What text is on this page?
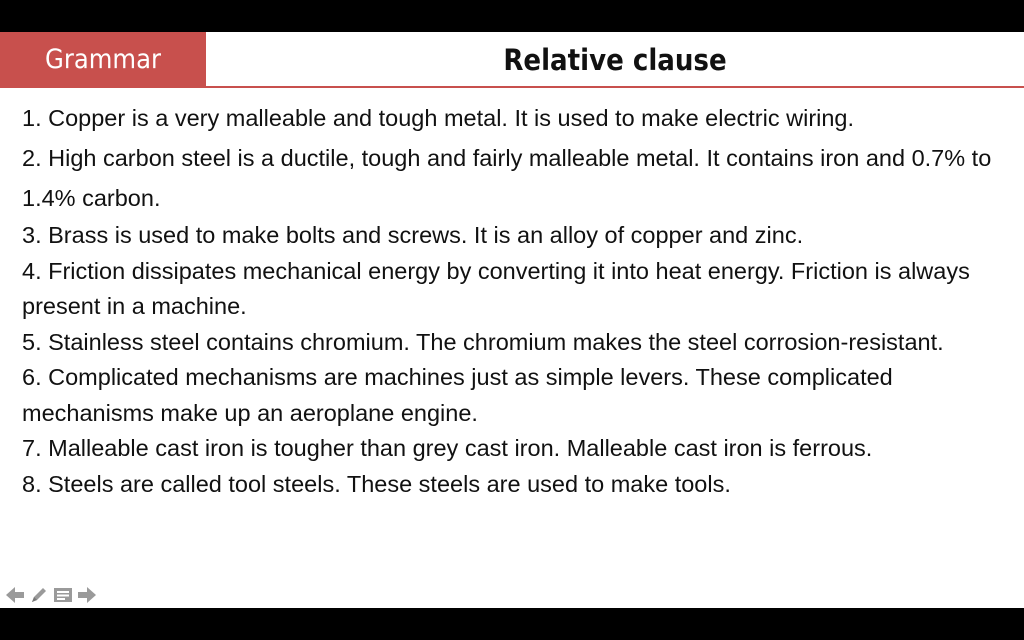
Grammar	Relative clause

1. Copper is a very malleable and tough metal. It is used to make electric wiring.

2. High carbon steel is a ductile, tough and fairly malleable metal. It contains iron and 0.7% to 1.4% carbon.

3. Brass is used to make bolts and screws. It is an alloy of copper and zinc.

4. Friction dissipates mechanical energy by converting it into heat energy. Friction is always present in a machine.

5. Stainless steel contains chromium. The chromium makes the steel corrosion-resistant.

6. Complicated mechanisms are machines just as simple levers. These complicated mechanisms make up an aeroplane engine.

7. Malleable cast iron is tougher than grey cast iron. Malleable cast iron is ferrous.

8. Steels are called tool steels. These steels are used to make tools.
